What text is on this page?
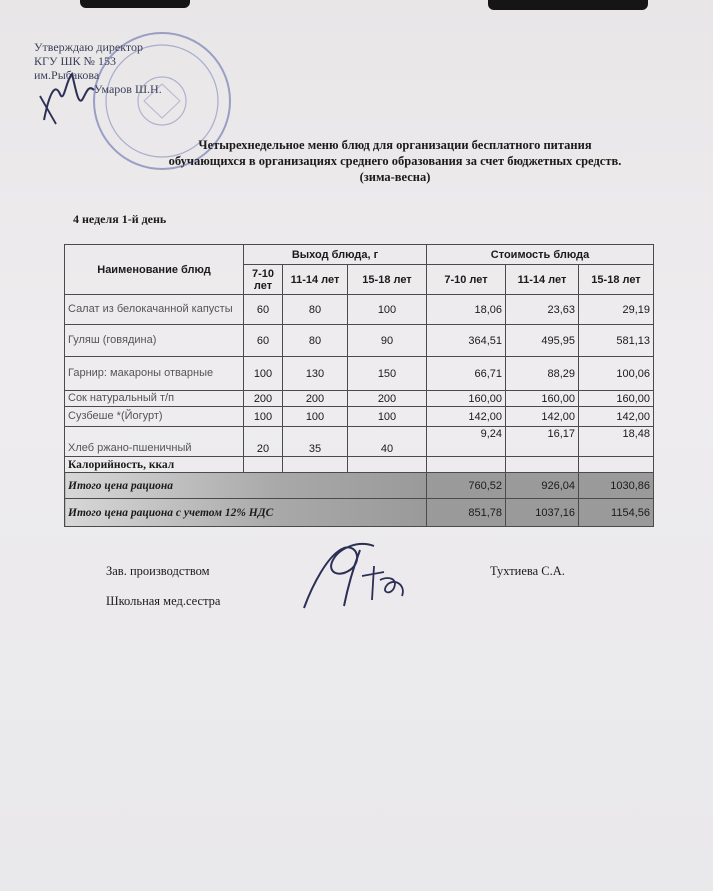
Утверждаю директор
КГУ ШК № 153
им.Рыбакова
Умаров Ш.Н.
Четырехнедельное меню блюд для организации бесплатного питания
обучающихся в организациях среднего образования за счет бюджетных средств.
(зима-весна)
4 неделя 1-й день
Наименование блюд	Выход блюда, г			Стоимость блюда		
	7-10 лет	11-14 лет	15-18 лет	7-10 лет	11-14 лет	15-18 лет
Салат из белокачанной капусты	60	80	100	18,06	23,63	29,19
Гуляш (говядина)	60	80	90	364,51	495,95	581,13
Гарнир: макароны отварные	100	130	150	66,71	88,29	100,06
Сок натуральный т/п	200	200	200	160,00	160,00	160,00
Сузбеше *(Йогурт)	100	100	100	142,00	142,00	142,00
Хлеб ржано-пшеничный	20	35	40	9,24	16,17	18,48
Калорийность, ккал						
Итого цена рациона				760,52	926,04	1030,86
Итого цена рациона с учетом 12% НДС				851,78	1037,16	1154,56
Зав. производством
Школьная мед.сестра
Тухтиева С.А.
